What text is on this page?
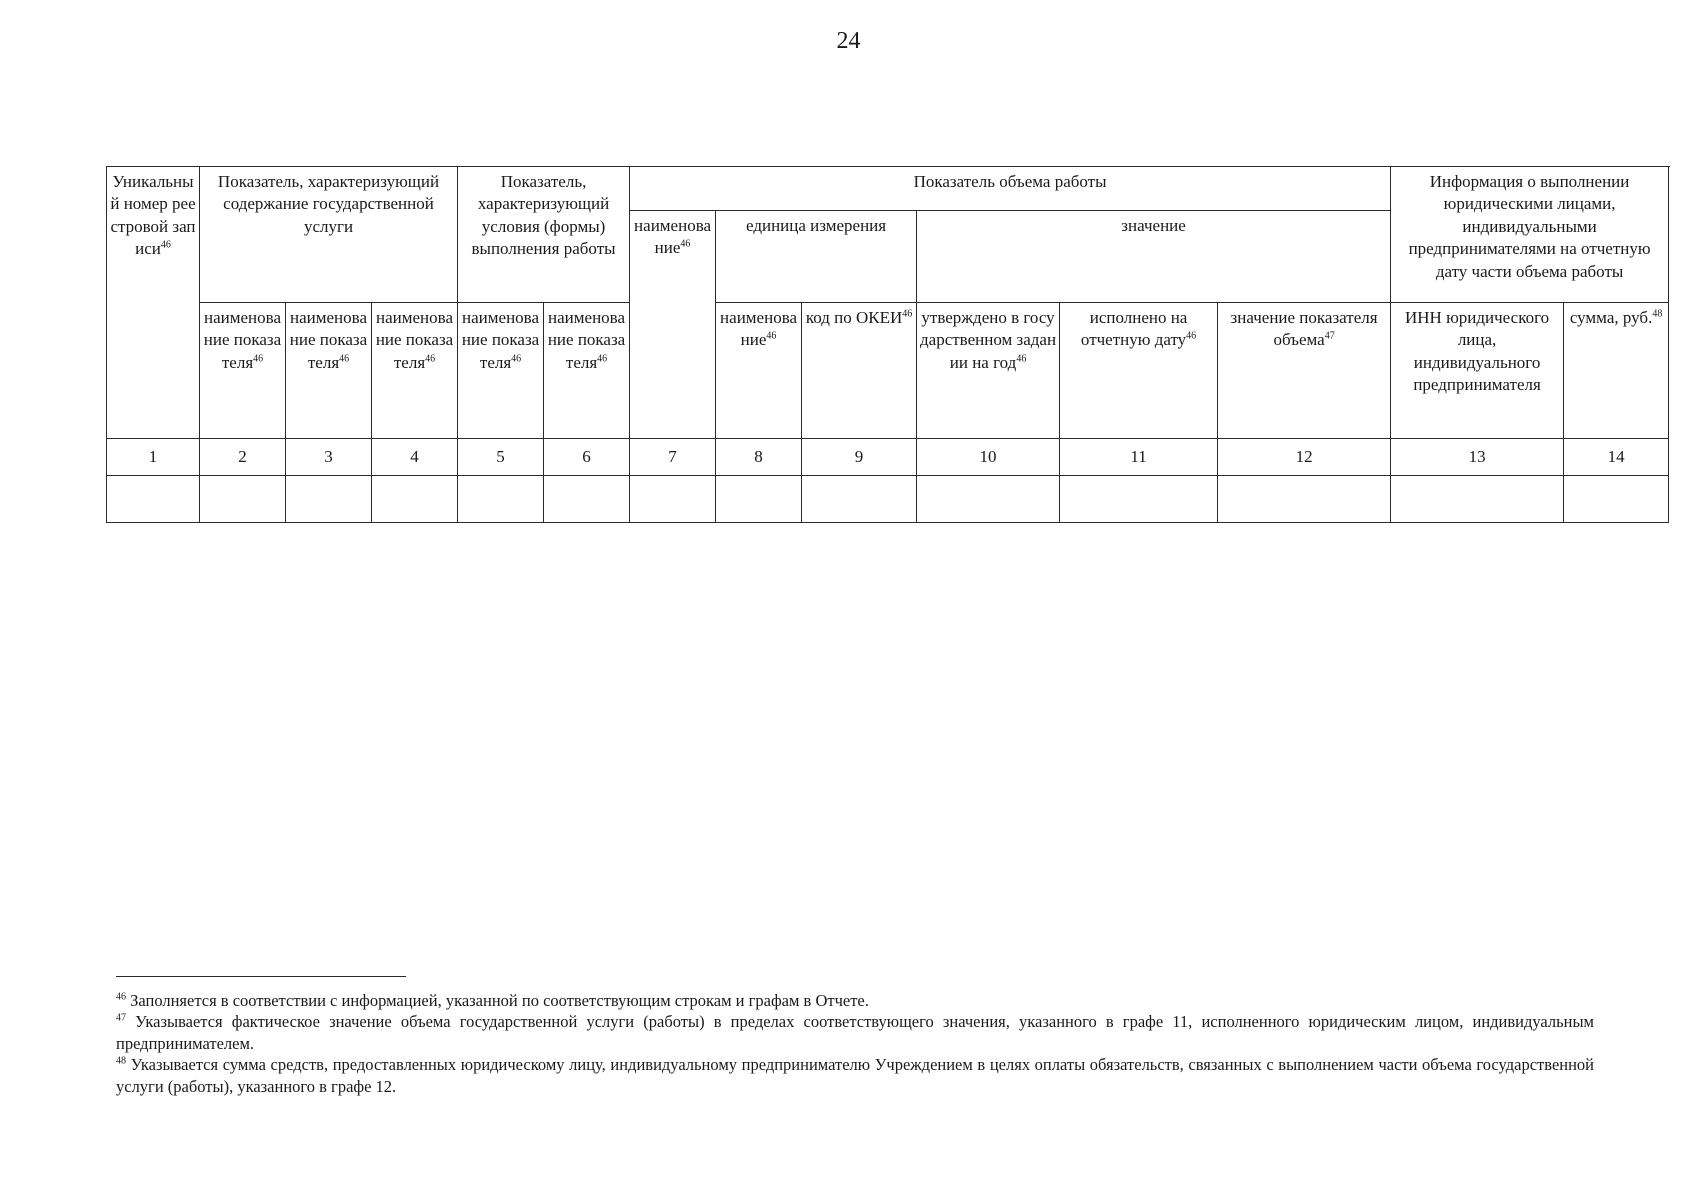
24
Уникальный номер реестровой записи$^{46}$	Показатель, характеризующий содержание государственной услуги			Показатель, характеризующий условия (формы) выполнения работы		Показатель объема работы						Информация о выполнении юридическими лицами, индивидуальными предпринимателями на отчетную дату части объема работы	
						наименование$^{46}$	единица измерения		значение				
	наименование показателя$^{46}$	наименование показателя$^{46}$	наименование показателя$^{46}$	наименование показателя$^{46}$	наименование показателя$^{46}$		наименование$^{46}$	код по ОКЕИ$^{46}$	утверждено в государственном задании на год$^{46}$	исполнено на отчетную дату$^{46}$	значение показателя объема$^{47}$	ИНН юридического лица, индивидуального предпринимателя	сумма, руб.$^{48}$
1	2	3	4	5	6	7	8	9	10	11	12	13	14

$^{46}$ Заполняется в соответствии с информацией, указанной по соответствующим строкам и графам в Отчете.

$^{47}$ Указывается фактическое значение объема государственной услуги (работы) в пределах соответствующего значения, указанного в графе 11, исполненного юридическим лицом, индивидуальным предпринимателем.

$^{48}$ Указывается сумма средств, предоставленных юридическому лицу, индивидуальному предпринимателю Учреждением в целях оплаты обязательств, связанных с выполнением части объема государственной услуги (работы), указанного в графе 12.
